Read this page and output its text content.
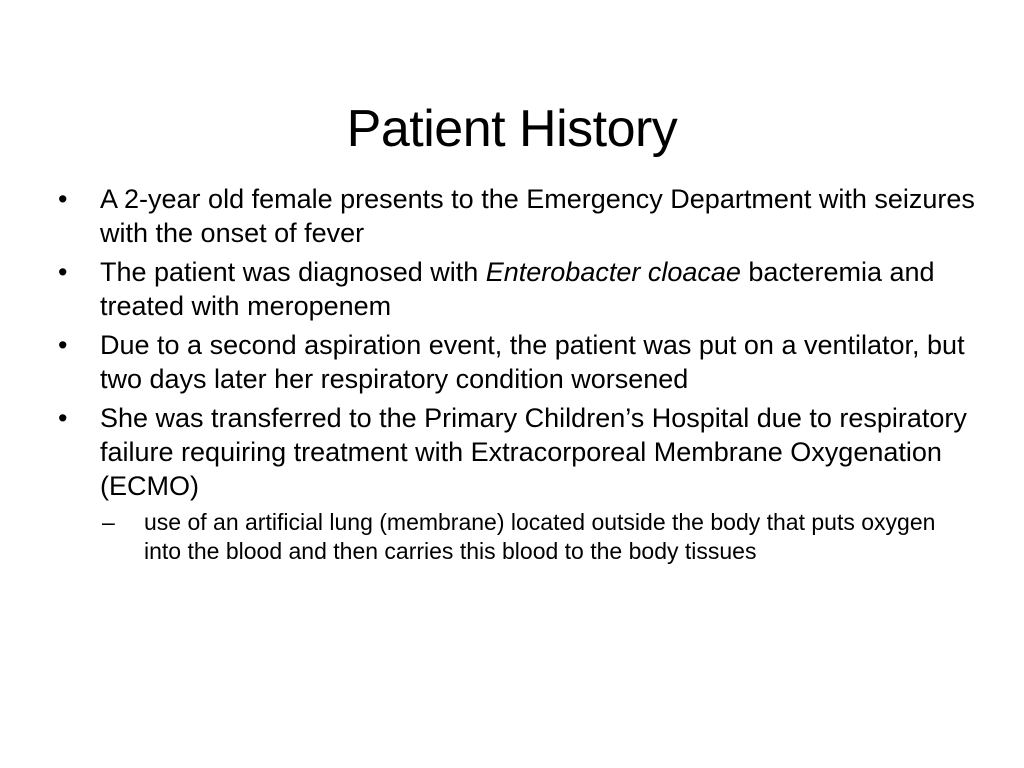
Patient History
•	A 2-year old female presents to the Emergency Department with seizures with the onset of fever
•	The patient was diagnosed with Enterobacter cloacae bacteremia and treated with meropenem
•	Due to a second aspiration event, the patient was put on a ventilator, but two days later her respiratory condition worsened
•	She was transferred to the Primary Children’s Hospital due to respiratory failure requiring treatment with Extracorporeal Membrane Oxygenation (ECMO)
–	use of an artificial lung (membrane) located outside the body that puts oxygen into the blood and then carries this blood to the body tissues
